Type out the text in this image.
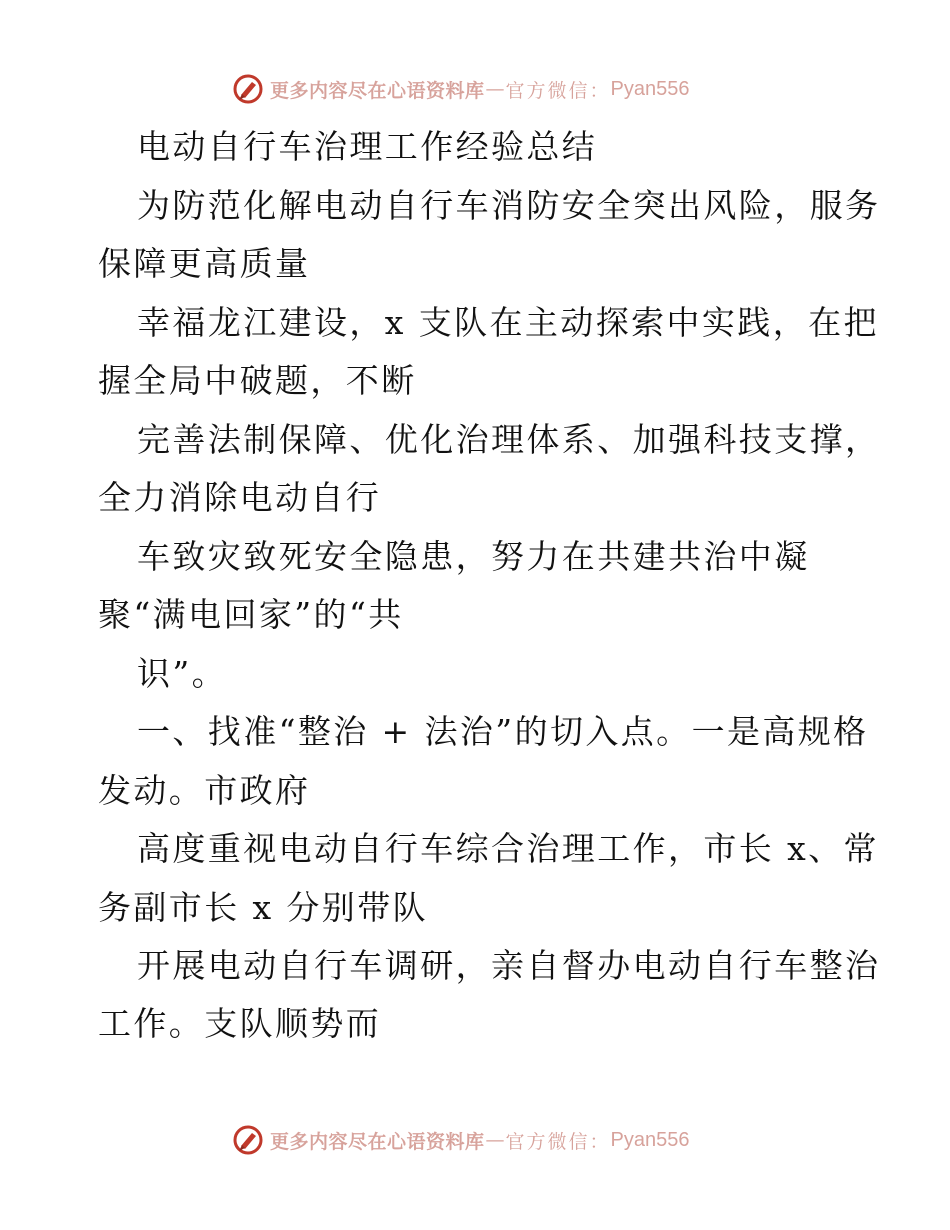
更多内容尽在心语资料库 — 官方微信： Pyan556
电动自行车治理工作经验总结
为防范化解电动自行车消防安全突出风险，服务
保障更高质量
幸福龙江建设，x 支队在主动探索中实践，在把
握全局中破题，不断
完善法制保障、优化治理体系、加强科技支撑，
全力消除电动自行
车致灾致死安全隐患，努力在共建共治中凝
聚“满电回家”的“共
识”。
一、找准“整治 + 法治”的切入点。一是高规格
发动。市政府
高度重视电动自行车综合治理工作，市长 x、常
务副市长 x 分别带队
开展电动自行车调研，亲自督办电动自行车整治
工作。支队顺势而
更多内容尽在心语资料库 — 官方微信： Pyan556
